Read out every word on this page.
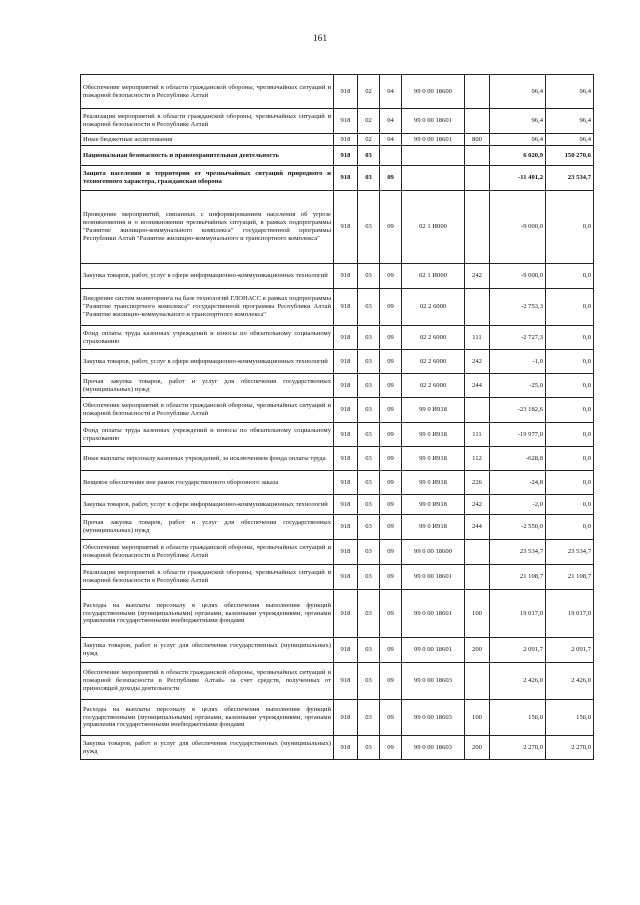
161
Обеспечение мероприятий в области гражданской обороны, чрезвычайных ситуаций и пожарной безопасности в Республике Алтай	918	02	04	99 0 00 18600		96,4	96,4
Реализация мероприятий в области гражданской обороны, чрезвычайных ситуаций и пожарной безопасности в Республике Алтай	918	02	04	99 0 00 18601		96,4	96,4
Иные бюджетные ассигнования	918	02	04	99 0 00 18601	800	96,4	96,4
Национальная безопасность и правоохранительная деятельность	918	03				6 020,9	150 270,6
Защита населения и территории от чрезвычайных ситуаций природного и техногенного характера, гражданская оборона	918	03	09			-11 401,2	23 534,7
Проведение мероприятий, связанных с информированием населения об угрозе возникновения и о возникновении чрезвычайных ситуаций, в рамках подпрограммы "Развитие жилищно-коммунального комплекса" государственной программы Республики Алтай "Развитие жилищно-коммунального и транспортного комплекса"	918	03	09	02 1 И000		-9 000,0	0,0
Закупка товаров, работ, услуг в сфере информационно-коммуникационных технологий	918	03	09	02 1 И000	242	-9 000,0	0,0
Внедрение систем мониторинга на базе технологий ГЛОНАСС в рамках подпрограммы "Развитие транспортного комплекса" государственной программы Республики Алтай "Развитие жилищно-коммунального и транспортного комплекса"	918	03	09	02 2 6000		-2 753,3	0,0
Фонд оплаты труда казенных учреждений и взносы по обязательному социальному страхованию	918	03	09	02 2 6000	111	-2 727,3	0,0
Закупка товаров, работ, услуг в сфере информационно-коммуникационных технологий	918	03	09	02 2 6000	242	-1,0	0,0
Прочая закупка товаров, работ и услуг для обеспечения государственных (муниципальных) нужд	918	03	09	02 2 6000	244	-25,0	0,0
Обеспечение мероприятий в области гражданской обороны, чрезвычайных ситуаций и пожарной безопасности в Республике Алтай	918	03	09	99 0 И918		-23 182,6	0,0
Фонд оплаты труда казенных учреждений и взносы по обязательному социальному страхованию	918	03	09	99 0 И918	111	-19 977,0	0,0
Иные выплаты персоналу казенных учреждений, за исключением фонда оплаты труда	918	03	09	99 0 И918	112	-628,8	0,0
Вещевое обеспечение вне рамок государственного оборонного заказа	918	03	09	99 0 И918	226	-24,8	0,0
Закупка товаров, работ, услуг в сфере информационно-коммуникационных технологий	918	03	09	99 0 И918	242	-2,0	0,0
Прочая закупка товаров, работ и услуг для обеспечения государственных (муниципальных) нужд	918	03	09	99 0 И918	244	-2 550,0	0,0
Обеспечение мероприятий в области гражданской обороны, чрезвычайных ситуаций и пожарной безопасности в Республике Алтай	918	03	09	99 0 00 18600		23 534,7	23 534,7
Реализация мероприятий в области гражданской обороны, чрезвычайных ситуаций и пожарной безопасности в Республике Алтай	918	03	09	99 0 00 18601		21 108,7	21 108,7
Расходы на выплаты персоналу в целях обеспечения выполнения функций государственными (муниципальными) органами, казенными учреждениями, органами управления государственными внебюджетными фондами	918	03	09	99 0 00 18601	100	19 017,0	19 017,0
Закупка товаров, работ и услуг для обеспечения государственных (муниципальных) нужд	918	03	09	99 0 00 18601	200	2 091,7	2 091,7
Обеспечение мероприятий в области гражданской обороны, чрезвычайных ситуаций и пожарной безопасности в Республике Алтай» за счет средств, полученных от приносящей доходы деятельности	918	03	09	99 0 00 18603		2 426,0	2 426,0
Расходы на выплаты персоналу в целях обеспечения выполнения функций государственными (муниципальными) органами, казенными учреждениями, органами управления государственными внебюджетными фондами	918	03	09	99 0 00 18603	100	156,0	156,0
Закупка товаров, работ и услуг для обеспечения государственных (муниципальных) нужд	918	03	09	99 0 00 18603	200	2 270,0	2 270,0
